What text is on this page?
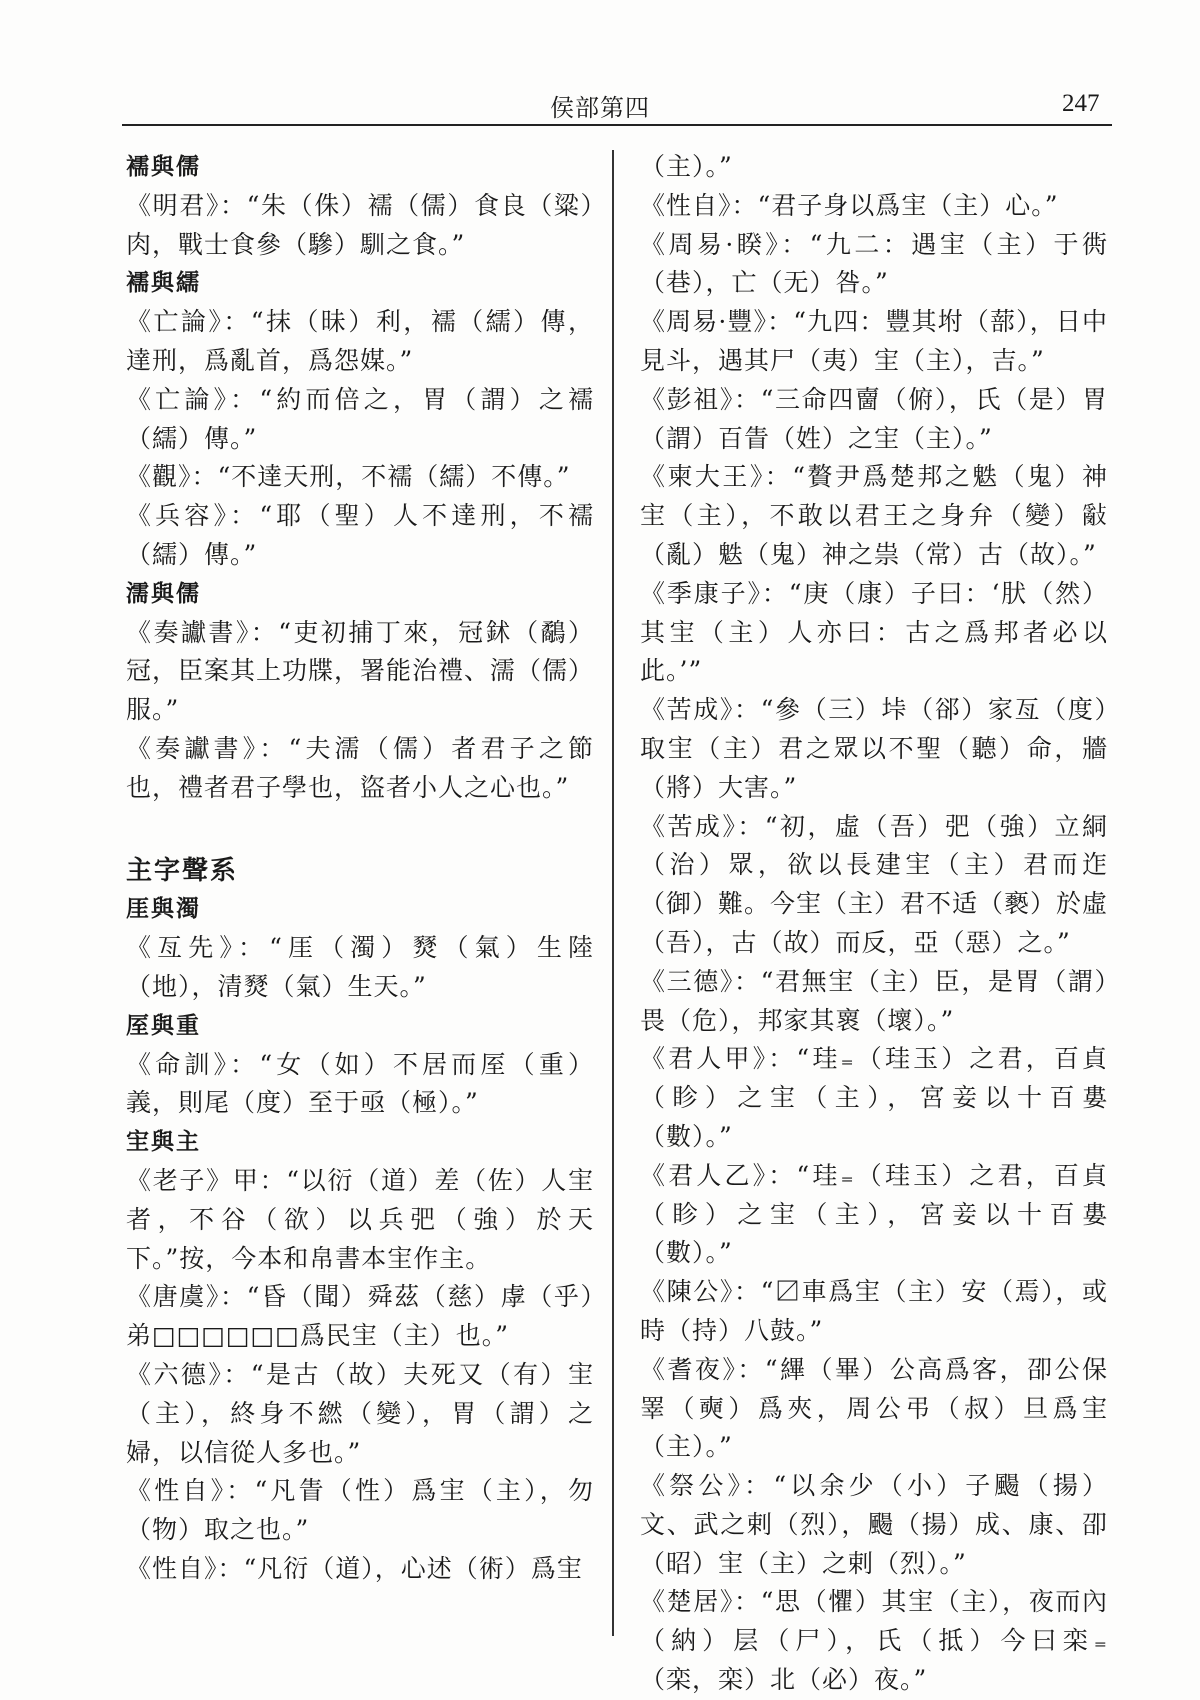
侯部第四	247

襦與儒

《明君》：“朱（侏）襦（儒）食良（粱）肉，戰士食參（驂）馴之食。”

襦與繻

《亡論》：“抹（昧）利，襦（繻）傳，達刑，爲亂首，爲怨媒。”

《亡論》：“約而倍之，胃（謂）之襦（繻）傳。”

《觀》：“不達天刑，不襦（繻）不傳。”

《兵容》：“耶（聖）人不達刑，不襦（繻）傳。”

濡與儒

《奏讞書》：“吏初捕丁來，冠鉥（鷸）冠，臣案其上功牒，署能治禮、濡（儒）服。”

《奏讞書》：“夫濡（儒）者君子之節也，禮者君子學也，盜者小人之心也。”

主字聲系

厓與濁

《亙先》：“厓（濁）燹（氣）生陸（地），清燹（氣）生天。”

厔與重

《命訓》：“女（如）不居而厔（重）義，則尾（度）至于亟（極）。”

宔與主

《老子》甲：“以衍（道）差（佐）人宔者，不谷（欲）以兵弝（強）於天下。”按，今本和帛書本宔作主。

《唐虞》：“昏（聞）舜茲（慈）虖（乎）弟□□□□□□爲民宔（主）也。”

《六德》：“是古（故）夫死又（有）宔（主），終身不繎（變），胃（謂）之婦，以信從人多也。”

《性自》：“凡眚（性）爲宔（主），勿（物）取之也。”

《性自》：“凡衍（道），心述（術）爲宔

（主）。”

《性自》：“君子身以爲宔（主）心。”

《周易·睽》：“九二：遇宔（主）于衖（巷），亡（无）咎。”

《周易·豐》：“九四：豐其坿（蔀），日中見斗，遇其尸（夷）宔（主），吉。”

《彭祖》：“三命四夁（俯），氏（是）胃（謂）百眚（姓）之宔（主）。”

《柬大王》：“贅尹爲楚邦之䰡（鬼）神宔（主），不敢以君王之身弁（變）𢿢（亂）䰡（鬼）神之祟（常）古（故）。”

《季康子》：“庚（康）子曰：‘肰（然）其宔（主）人亦曰：古之爲邦者必以此。’”

《苦成》：“參（三）垰（郤）家亙（度）取宔（主）君之眾以不聖（聽）命，牆（將）大害。”

《苦成》：“初，虛（吾）弝（強）立絧（治）眾，欲以長建宔（主）君而迮（御）難。今宔（主）君不适（褻）於虛（吾），古（故）而反，亞（惡）之。”

《三德》：“君無宔（主）臣，是胃（謂）畏（危），邦家其褱（壞）。”

《君人甲》：“珪₌（珪玉）之君，百貞（眕）之宔（主），宮妾以十百婁（數）。”

《君人乙》：“珪₌（珪玉）之君，百貞（眕）之宔（主），宮妾以十百婁（數）。”

《陳公》：“〼車爲宔（主）安（焉），或時（持）八鼓。”

《耆夜》：“縪（畢）公高爲客，卲公保睪（奭）爲夾，周公弔（叔）旦爲宔（主）。”

《祭公》：“以余少（小）子颺（揚）文、武之剌（烈），颺（揚）成、康、卲（昭）宔（主）之剌（烈）。”

《楚居》：“思（懼）其宔（主），夜而內（納）层（尸），氏（抵）今曰栾₌（栾，栾）北（必）夜。”
